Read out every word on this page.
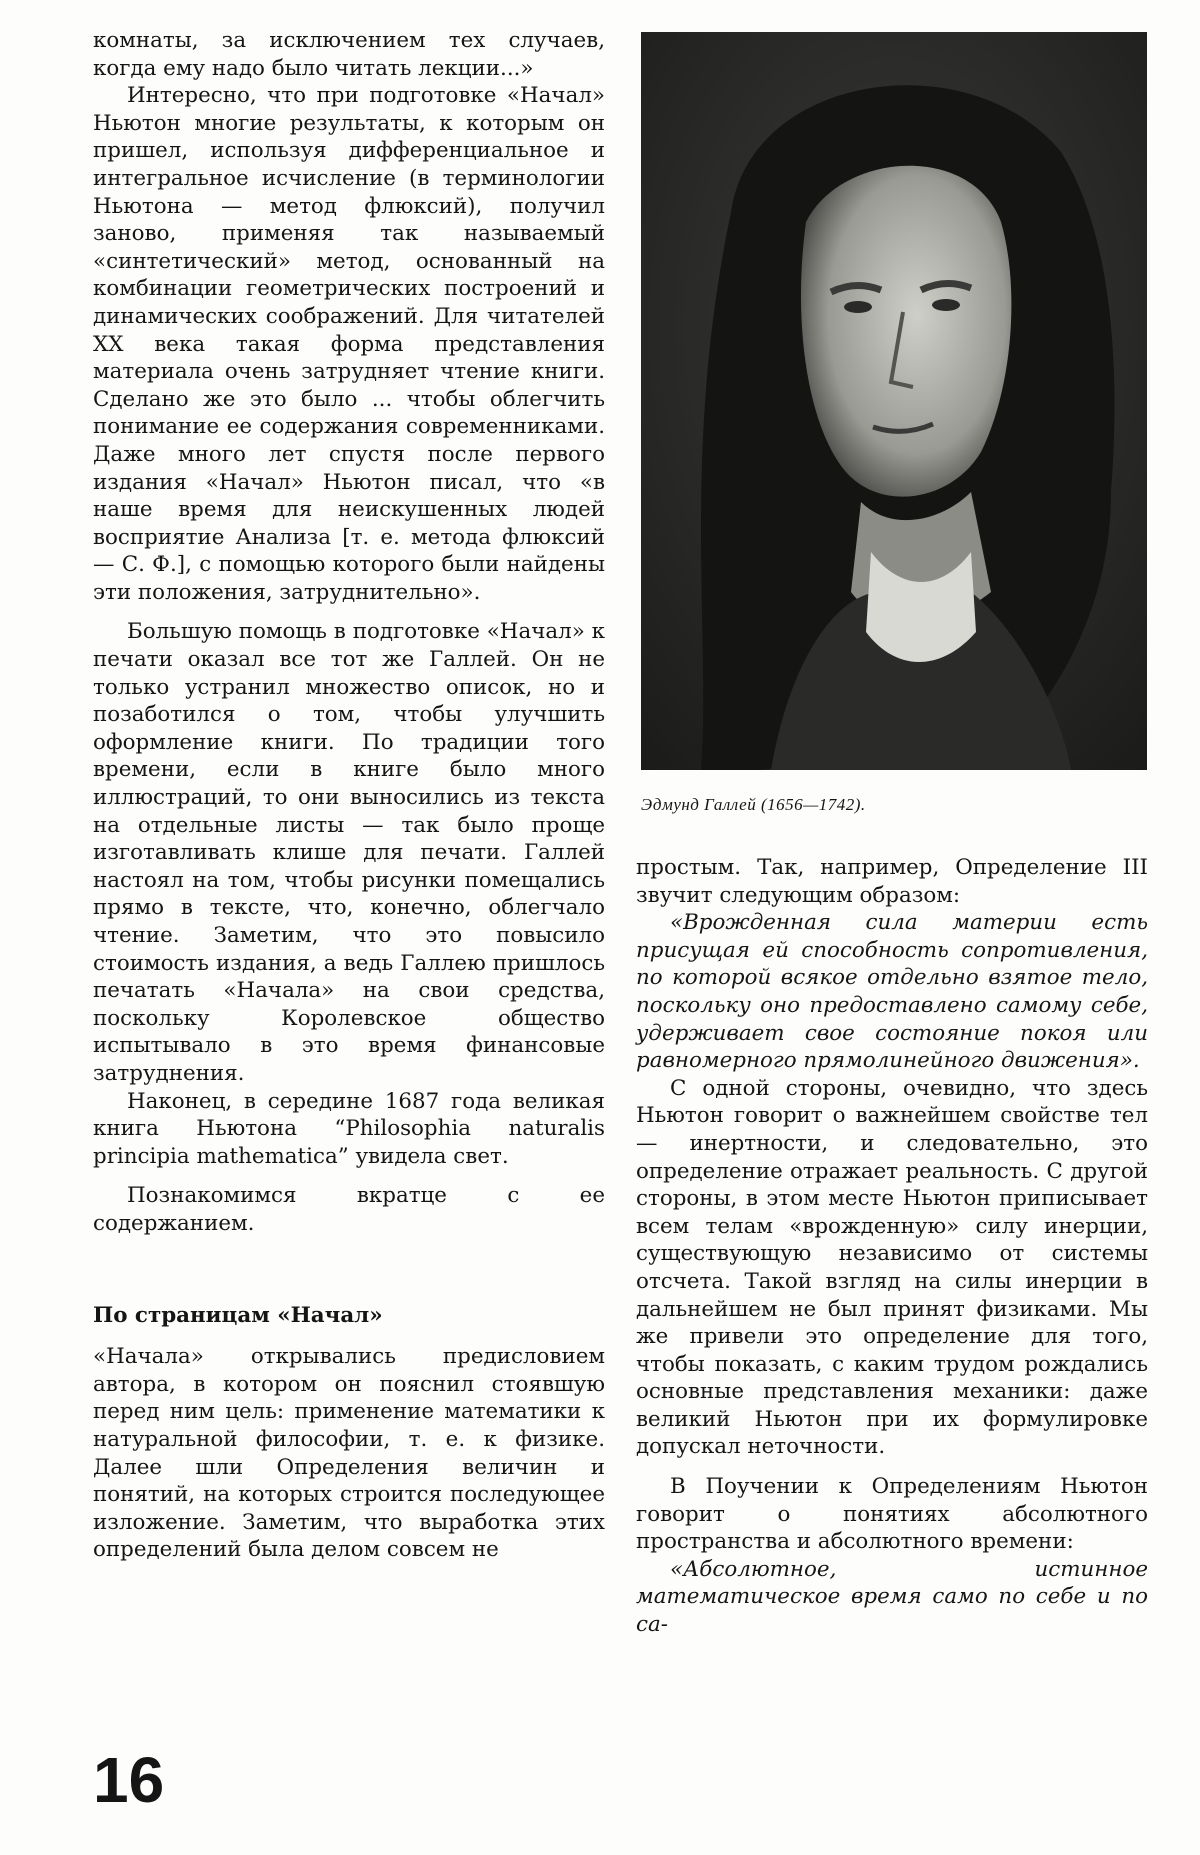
комнаты, за исключением тех случаев, когда ему надо было читать лекции...»

Интересно, что при подготовке «Начал» Ньютон многие результаты, к которым он пришел, используя дифференциальное и интегральное исчисление (в терминологии Ньютона — метод флюксий), получил заново, применяя так называемый «синтетический» метод, основанный на комбинации геометрических построений и динамических соображений. Для читателей XX века такая форма представления материала очень затрудняет чтение книги. Сделано же это было ... чтобы облегчить понимание ее содержания современниками. Даже много лет спустя после первого издания «Начал» Ньютон писал, что «в наше время для неискушенных людей восприятие Анализа [т. е. метода флюксий — С. Ф.], с помощью которого были найдены эти положения, затруднительно».

Большую помощь в подготовке «Начал» к печати оказал все тот же Галлей. Он не только устранил множество описок, но и позаботился о том, чтобы улучшить оформление книги. По традиции того времени, если в книге было много иллюстраций, то они выносились из текста на отдельные листы — так было проще изготавливать клише для печати. Галлей настоял на том, чтобы рисунки помещались прямо в тексте, что, конечно, облегчало чтение. Заметим, что это повысило стоимость издания, а ведь Галлею пришлось печатать «Начала» на свои средства, поскольку Королевское общество испытывало в это время финансовые затруднения.

Наконец, в середине 1687 года великая книга Ньютона “Philosophia naturalis principia mathematica” увидела свет.

Познакомимся вкратце с ее содержанием.

По страницам «Начал»

«Начала» открывались предисловием автора, в котором он пояснил стоявшую перед ним цель: применение математики к натуральной философии, т. е. к физике. Далее шли Определения величин и понятий, на которых строится последующее изложение. Заметим, что выработка этих определений была делом совсем не

Эдмунд Галлей (1656—1742).

простым. Так, например, Определение III звучит следующим образом:

«Врожденная сила материи есть присущая ей способность сопротивления, по которой всякое отдельно взятое тело, поскольку оно предоставлено самому себе, удерживает свое состояние покоя или равномерного прямолинейного движения».

С одной стороны, очевидно, что здесь Ньютон говорит о важнейшем свойстве тел — инертности, и следовательно, это определение отражает реальность. С другой стороны, в этом месте Ньютон приписывает всем телам «врожденную» силу инерции, существующую независимо от системы отсчета. Такой взгляд на силы инерции в дальнейшем не был принят физиками. Мы же привели это определение для того, чтобы показать, с каким трудом рождались основные представления механики: даже великий Ньютон при их формулировке допускал неточности.

В Поучении к Определениям Ньютон говорит о понятиях абсолютного пространства и абсолютного времени:

«Абсолютное, истинное математическое время само по себе и по са-

16
